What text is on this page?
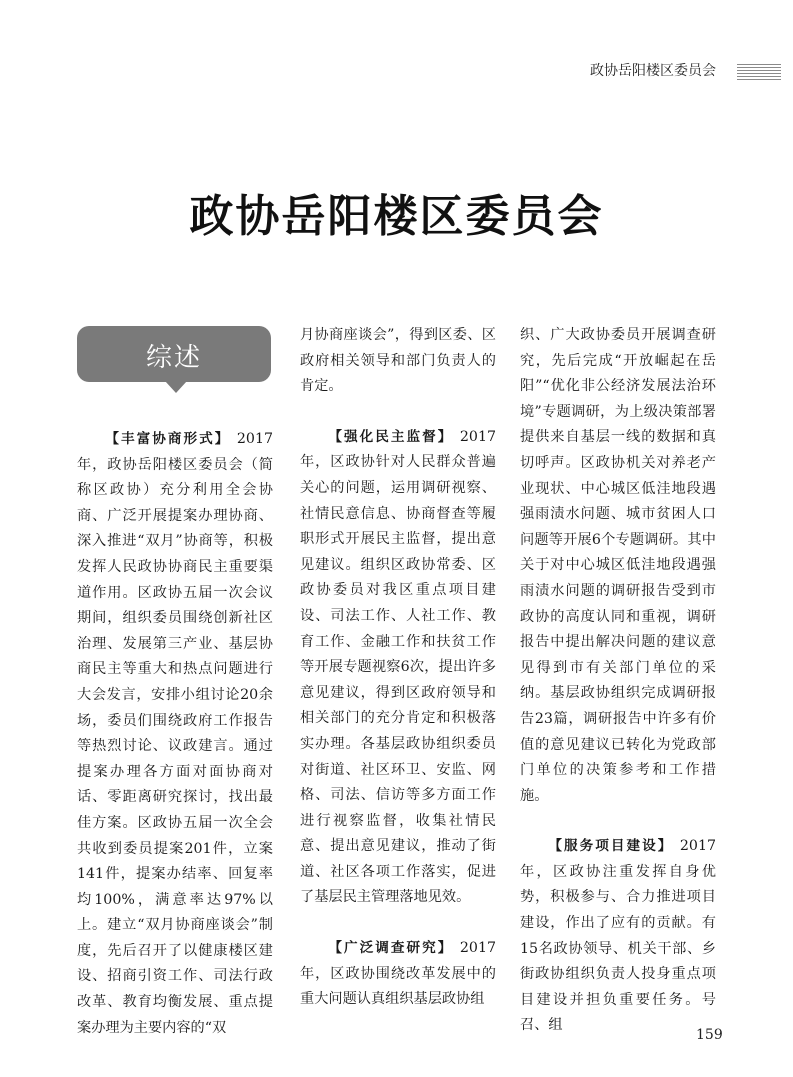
政协岳阳楼区委员会
政协岳阳楼区委员会
综述

【丰富协商形式】 2017年，政协岳阳楼区委员会（简称区政协）充分利用全会协商、广泛开展提案办理协商、深入推进“双月”协商等，积极发挥人民政协协商民主重要渠道作用。区政协五届一次会议期间，组织委员围绕创新社区治理、发展第三产业、基层协商民主等重大和热点问题进行大会发言，安排小组讨论20余场，委员们围绕政府工作报告等热烈讨论、议政建言。通过提案办理各方面对面协商对话、零距离研究探讨，找出最佳方案。区政协五届一次全会共收到委员提案201件，立案141件，提案办结率、回复率均100%，满意率达97%以上。建立“双月协商座谈会”制度，先后召开了以健康楼区建设、招商引资工作、司法行政改革、教育均衡发展、重点提案办理为主要内容的“双

月协商座谈会”，得到区委、区政府相关领导和部门负责人的肯定。

【强化民主监督】 2017年，区政协针对人民群众普遍关心的问题，运用调研视察、社情民意信息、协商督查等履职形式开展民主监督，提出意见建议。组织区政协常委、区政协委员对我区重点项目建设、司法工作、人社工作、教育工作、金融工作和扶贫工作等开展专题视察6次，提出许多意见建议，得到区政府领导和相关部门的充分肯定和积极落实办理。各基层政协组织委员对街道、社区环卫、安监、网格、司法、信访等多方面工作进行视察监督，收集社情民意、提出意见建议，推动了街道、社区各项工作落实，促进了基层民主管理落地见效。

【广泛调查研究】 2017年，区政协围绕改革发展中的重大问题认真组织基层政协组

织、广大政协委员开展调查研究，先后完成“开放崛起在岳阳”“优化非公经济发展法治环境”专题调研，为上级决策部署提供来自基层一线的数据和真切呼声。区政协机关对养老产业现状、中心城区低洼地段遇强雨渍水问题、城市贫困人口问题等开展6个专题调研。其中关于对中心城区低洼地段遇强雨渍水问题的调研报告受到市政协的高度认同和重视，调研报告中提出解决问题的建议意见得到市有关部门单位的采纳。基层政协组织完成调研报告23篇，调研报告中许多有价值的意见建议已转化为党政部门单位的决策参考和工作措施。

【服务项目建设】 2017年，区政协注重发挥自身优势，积极参与、合力推进项目建设，作出了应有的贡献。有15名政协领导、机关干部、乡街政协组织负责人投身重点项目建设并担负重要任务。号召、组

159
